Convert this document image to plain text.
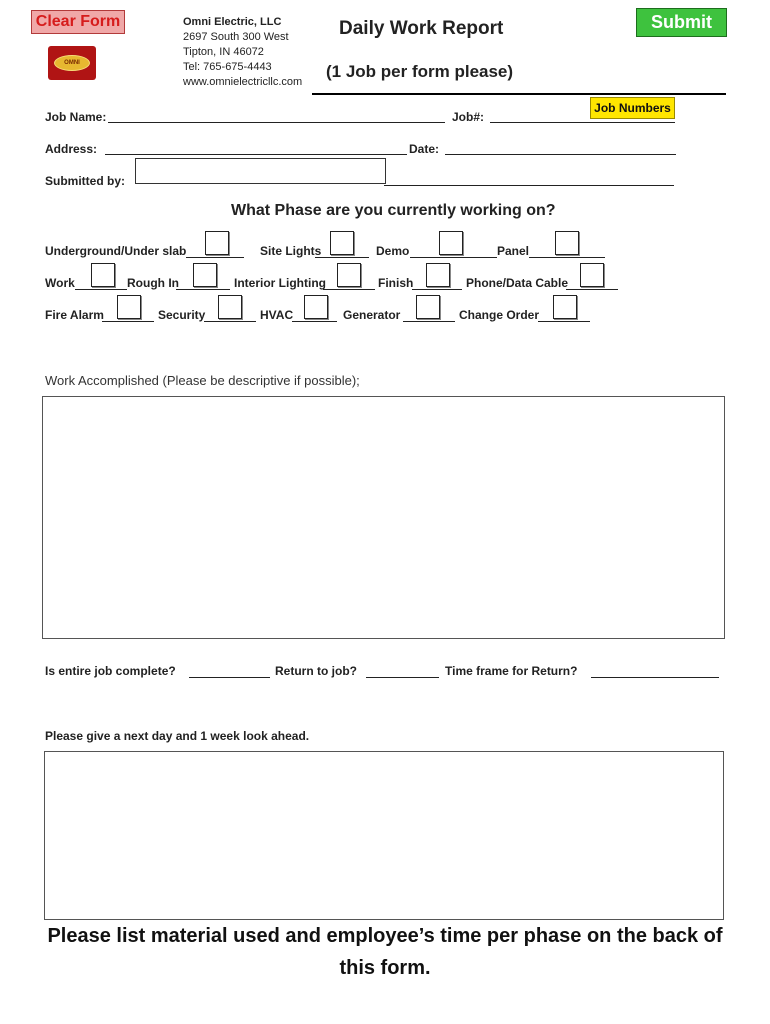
Clear Form	Submit
OMNI
Omni Electric, LLC
2697 South 300 West
Tipton, IN 46072
Tel: 765-675-4443
www.omnielectricllc.com
Daily Work Report
(1 Job per form please)
Job Numbers
Job Name:	Job#:
Address:	Date:
Submitted by:
What Phase are you currently working on?
Underground/Under slab	Site Lights	Demo	Panel
Work	Rough In	Interior Lighting	Finish	Phone/Data Cable
Fire Alarm	Security	HVAC	Generator	Change Order
Work Accomplished (Please be descriptive if possible);
Is entire job complete?	Return to job?	Time frame for Return?
Please give a next day and 1 week look ahead.
Please list material used and employee’s time per phase on the back of
this form.
